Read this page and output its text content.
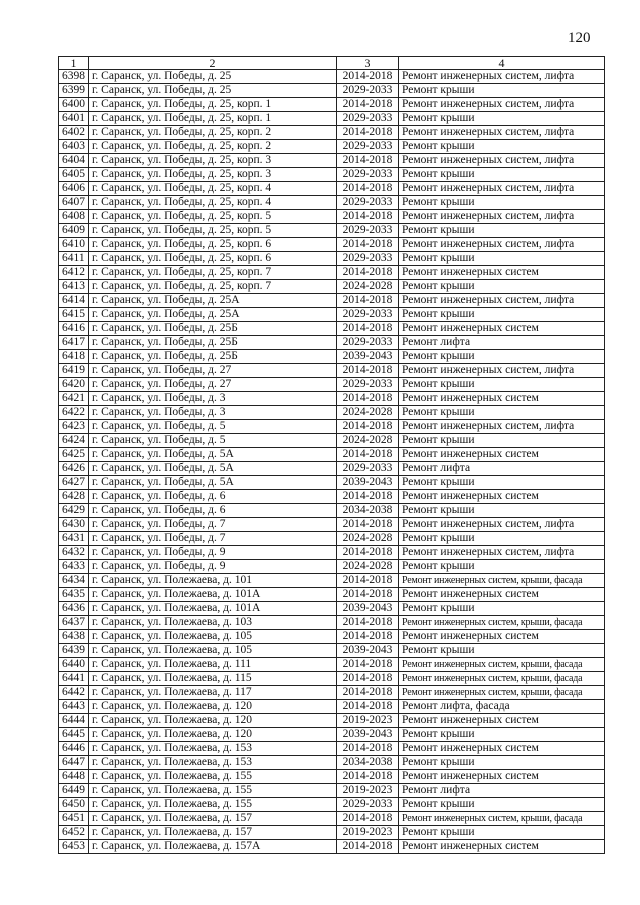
120
1	2	3	4
6398	г. Саранск, ул. Победы, д. 25	2014-2018	Ремонт инженерных систем, лифта
6399	г. Саранск, ул. Победы, д. 25	2029-2033	Ремонт крыши
6400	г. Саранск, ул. Победы, д. 25, корп. 1	2014-2018	Ремонт инженерных систем, лифта
6401	г. Саранск, ул. Победы, д. 25, корп. 1	2029-2033	Ремонт крыши
6402	г. Саранск, ул. Победы, д. 25, корп. 2	2014-2018	Ремонт инженерных систем, лифта
6403	г. Саранск, ул. Победы, д. 25, корп. 2	2029-2033	Ремонт крыши
6404	г. Саранск, ул. Победы, д. 25, корп. 3	2014-2018	Ремонт инженерных систем, лифта
6405	г. Саранск, ул. Победы, д. 25, корп. 3	2029-2033	Ремонт крыши
6406	г. Саранск, ул. Победы, д. 25, корп. 4	2014-2018	Ремонт инженерных систем, лифта
6407	г. Саранск, ул. Победы, д. 25, корп. 4	2029-2033	Ремонт крыши
6408	г. Саранск, ул. Победы, д. 25, корп. 5	2014-2018	Ремонт инженерных систем, лифта
6409	г. Саранск, ул. Победы, д. 25, корп. 5	2029-2033	Ремонт крыши
6410	г. Саранск, ул. Победы, д. 25, корп. 6	2014-2018	Ремонт инженерных систем, лифта
6411	г. Саранск, ул. Победы, д. 25, корп. 6	2029-2033	Ремонт крыши
6412	г. Саранск, ул. Победы, д. 25, корп. 7	2014-2018	Ремонт инженерных систем
6413	г. Саранск, ул. Победы, д. 25, корп. 7	2024-2028	Ремонт крыши
6414	г. Саранск, ул. Победы, д. 25А	2014-2018	Ремонт инженерных систем, лифта
6415	г. Саранск, ул. Победы, д. 25А	2029-2033	Ремонт крыши
6416	г. Саранск, ул. Победы, д. 25Б	2014-2018	Ремонт инженерных систем
6417	г. Саранск, ул. Победы, д. 25Б	2029-2033	Ремонт лифта
6418	г. Саранск, ул. Победы, д. 25Б	2039-2043	Ремонт крыши
6419	г. Саранск, ул. Победы, д. 27	2014-2018	Ремонт инженерных систем, лифта
6420	г. Саранск, ул. Победы, д. 27	2029-2033	Ремонт крыши
6421	г. Саранск, ул. Победы, д. 3	2014-2018	Ремонт инженерных систем
6422	г. Саранск, ул. Победы, д. 3	2024-2028	Ремонт крыши
6423	г. Саранск, ул. Победы, д. 5	2014-2018	Ремонт инженерных систем, лифта
6424	г. Саранск, ул. Победы, д. 5	2024-2028	Ремонт крыши
6425	г. Саранск, ул. Победы, д. 5А	2014-2018	Ремонт инженерных систем
6426	г. Саранск, ул. Победы, д. 5А	2029-2033	Ремонт лифта
6427	г. Саранск, ул. Победы, д. 5А	2039-2043	Ремонт крыши
6428	г. Саранск, ул. Победы, д. 6	2014-2018	Ремонт инженерных систем
6429	г. Саранск, ул. Победы, д. 6	2034-2038	Ремонт крыши
6430	г. Саранск, ул. Победы, д. 7	2014-2018	Ремонт инженерных систем, лифта
6431	г. Саранск, ул. Победы, д. 7	2024-2028	Ремонт крыши
6432	г. Саранск, ул. Победы, д. 9	2014-2018	Ремонт инженерных систем, лифта
6433	г. Саранск, ул. Победы, д. 9	2024-2028	Ремонт крыши
6434	г. Саранск, ул. Полежаева, д. 101	2014-2018	Ремонт инженерных систем, крыши, фасада
6435	г. Саранск, ул. Полежаева, д. 101А	2014-2018	Ремонт инженерных систем
6436	г. Саранск, ул. Полежаева, д. 101А	2039-2043	Ремонт крыши
6437	г. Саранск, ул. Полежаева, д. 103	2014-2018	Ремонт инженерных систем, крыши, фасада
6438	г. Саранск, ул. Полежаева, д. 105	2014-2018	Ремонт инженерных систем
6439	г. Саранск, ул. Полежаева, д. 105	2039-2043	Ремонт крыши
6440	г. Саранск, ул. Полежаева, д. 111	2014-2018	Ремонт инженерных систем, крыши, фасада
6441	г. Саранск, ул. Полежаева, д. 115	2014-2018	Ремонт инженерных систем, крыши, фасада
6442	г. Саранск, ул. Полежаева, д. 117	2014-2018	Ремонт инженерных систем, крыши, фасада
6443	г. Саранск, ул. Полежаева, д. 120	2014-2018	Ремонт лифта, фасада
6444	г. Саранск, ул. Полежаева, д. 120	2019-2023	Ремонт инженерных систем
6445	г. Саранск, ул. Полежаева, д. 120	2039-2043	Ремонт крыши
6446	г. Саранск, ул. Полежаева, д. 153	2014-2018	Ремонт инженерных систем
6447	г. Саранск, ул. Полежаева, д. 153	2034-2038	Ремонт крыши
6448	г. Саранск, ул. Полежаева, д. 155	2014-2018	Ремонт инженерных систем
6449	г. Саранск, ул. Полежаева, д. 155	2019-2023	Ремонт лифта
6450	г. Саранск, ул. Полежаева, д. 155	2029-2033	Ремонт крыши
6451	г. Саранск, ул. Полежаева, д. 157	2014-2018	Ремонт инженерных систем, крыши, фасада
6452	г. Саранск, ул. Полежаева, д. 157	2019-2023	Ремонт крыши
6453	г. Саранск, ул. Полежаева, д. 157А	2014-2018	Ремонт инженерных систем
